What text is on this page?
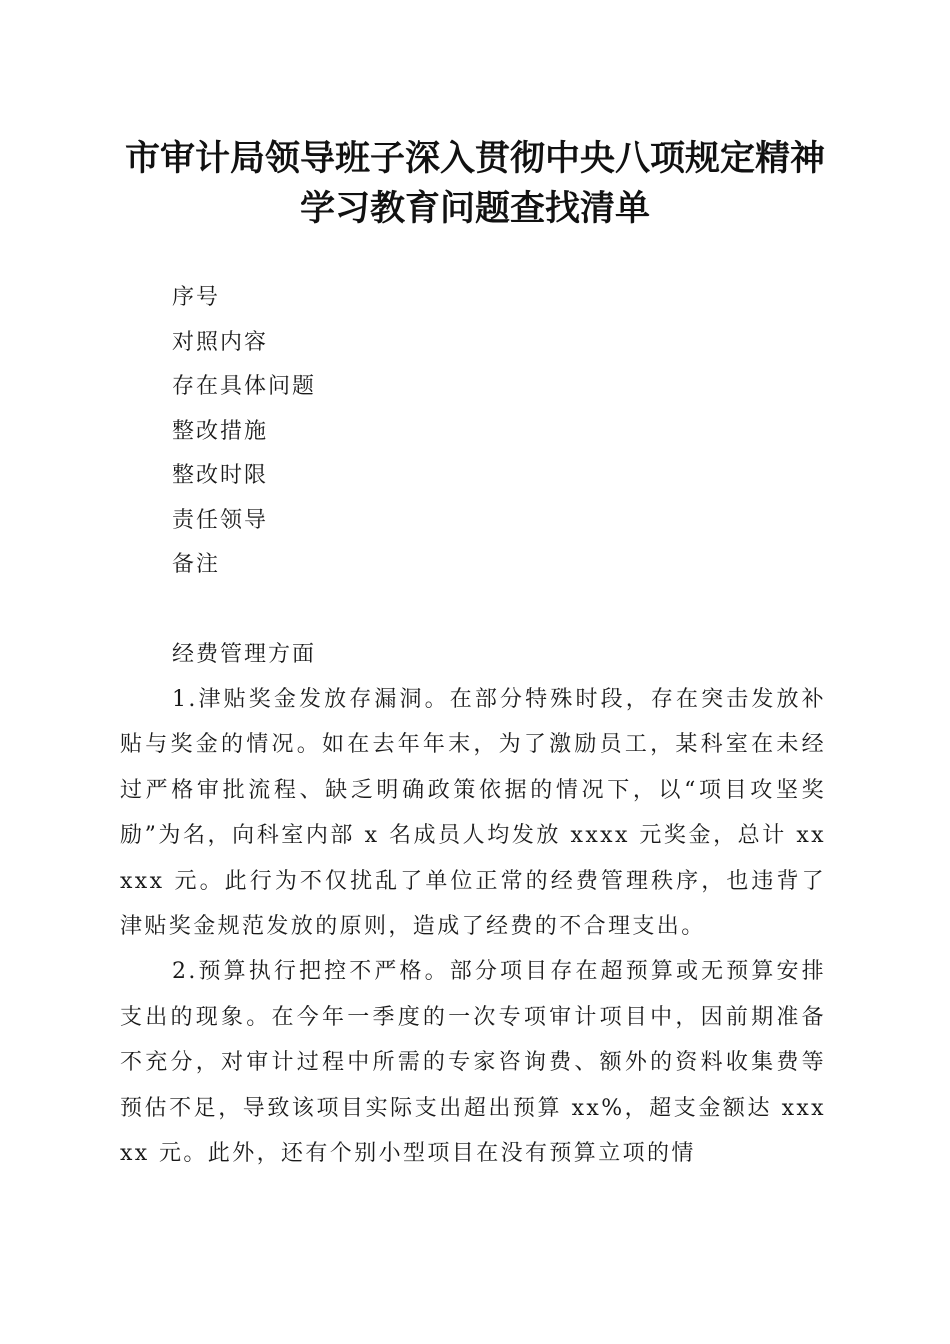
市审计局领导班子深入贯彻中央八项规定精神
学习教育问题查找清单
序号
对照内容
存在具体问题
整改措施
整改时限
责任领导
备注
经费管理方面

1.津贴奖金发放存漏洞。在部分特殊时段，存在突击发放补贴与奖金的情况。如在去年年末，为了激励员工，某科室在未经过严格审批流程、缺乏明确政策依据的情况下，以“项目攻坚奖励”为名，向科室内部 x 名成员人均发放 xxxx 元奖金，总计 xxxxx 元。此行为不仅扰乱了单位正常的经费管理秩序，也违背了津贴奖金规范发放的原则，造成了经费的不合理支出。

2.预算执行把控不严格。部分项目存在超预算或无预算安排支出的现象。在今年一季度的一次专项审计项目中，因前期准备不充分，对审计过程中所需的专家咨询费、额外的资料收集费等预估不足，导致该项目实际支出超出预算 xx%，超支金额达 xxxxx 元。此外，还有个别小型项目在没有预算立项的情
